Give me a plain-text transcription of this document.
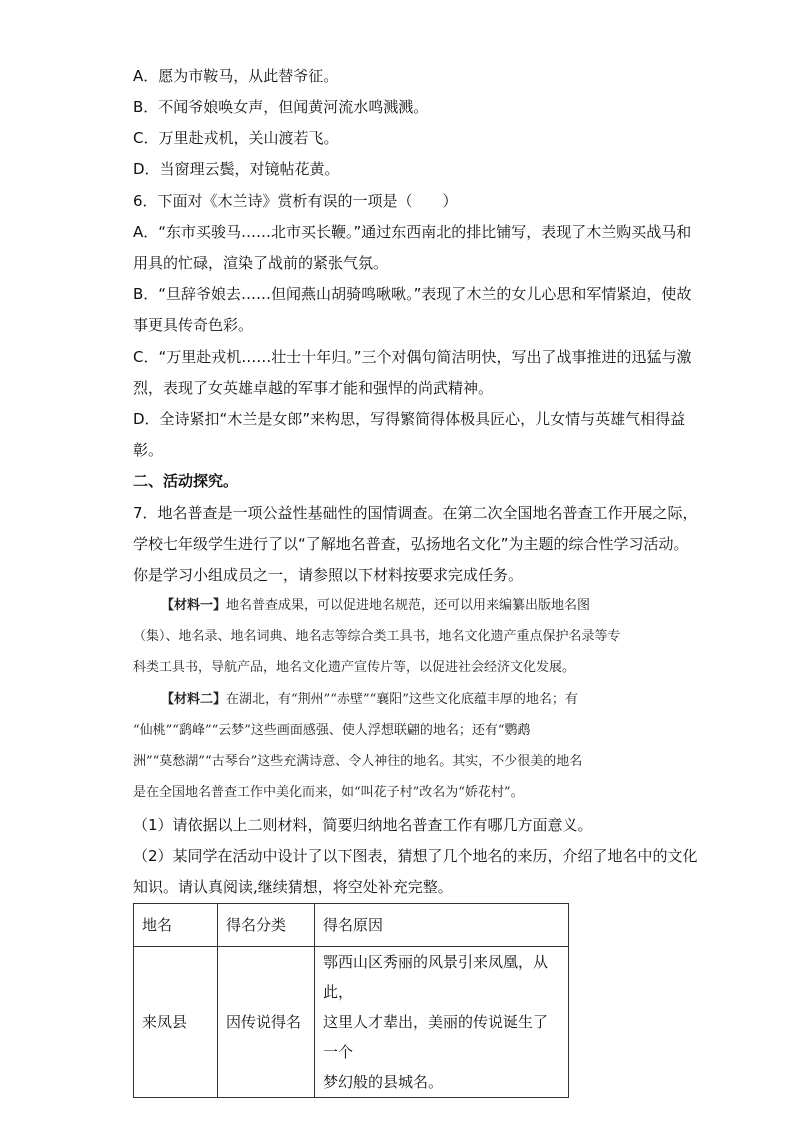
A．愿为市鞍马，从此替爷征。
B．不闻爷娘唤女声，但闻黄河流水鸣溅溅。
C．万里赴戎机，关山渡若飞。
D．当窗理云鬓，对镜帖花黄。
6．下面对《木兰诗》赏析有误的一项是（　　）
A．“东市买骏马……北市买长鞭。”通过东西南北的排比铺写，表现了木兰购买战马和
用具的忙碌，渲染了战前的紧张气氛。
B．“旦辞爷娘去……但闻燕山胡骑鸣啾啾。”表现了木兰的女儿心思和军情紧迫，使故
事更具传奇色彩。
C．“万里赴戎机……壮士十年归。”三个对偶句简洁明快，写出了战事推进的迅猛与激
烈，表现了女英雄卓越的军事才能和强悍的尚武精神。
D．全诗紧扣“木兰是女郎”来构思，写得繁简得体极具匠心，儿女情与英雄气相得益
彰。
二、活动探究。
7．地名普查是一项公益性基础性的国情调查。在第二次全国地名普查工作开展之际，
学校七年级学生进行了以“了解地名普查，弘扬地名文化”为主题的综合性学习活动。
你是学习小组成员之一，请参照以下材料按要求完成任务。
【材料一】地名普查成果，可以促进地名规范，还可以用来编纂出版地名图
（集）、地名录、地名词典、地名志等综合类工具书，地名文化遗产重点保护名录等专
科类工具书，导航产品，地名文化遗产宣传片等，以促进社会经济文化发展。
【材料二】在湖北，有“荆州”“赤壁”“襄阳”这些文化底蕴丰厚的地名；有
“仙桃”“鹞峰”“云梦”这些画面感强、使人浮想联翩的地名；还有“鹦鹉
洲”“莫愁湖”“古琴台”这些充满诗意、令人神往的地名。其实，不少很美的地名
是在全国地名普查工作中美化而来，如“叫花子村”改名为“娇花村”。
（1）请依据以上二则材料，简要归纳地名普查工作有哪几方面意义。
（2）某同学在活动中设计了以下图表，猜想了几个地名的来历，介绍了地名中的文化
知识。请认真阅读,继续猜想，将空处补充完整。
地名	得名分类	得名原因
来凤县	因传说得名	鄂西山区秀丽的风景引来凤凰，从此，
这里人才辈出，美丽的传说诞生了一个
梦幻般的县城名。
